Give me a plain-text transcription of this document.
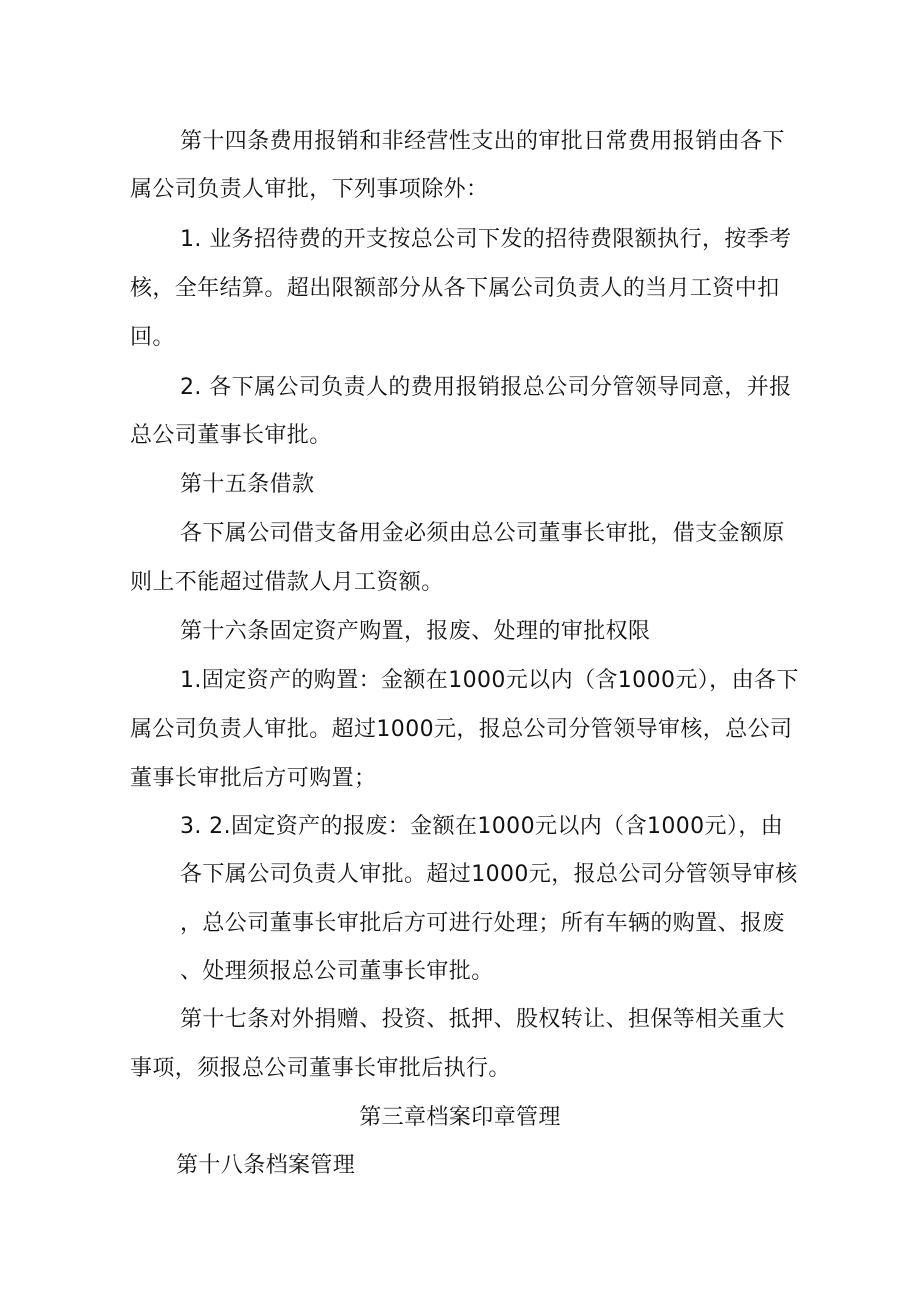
第十四条费用报销和非经营性支出的审批日常费用报销由各下
属公司负责人审批，下列事项除外：
1. 业务招待费的开支按总公司下发的招待费限额执行，按季考
核，全年结算。超出限额部分从各下属公司负责人的当月工资中扣
回。
2. 各下属公司负责人的费用报销报总公司分管领导同意，并报
总公司董事长审批。
第十五条借款
各下属公司借支备用金必须由总公司董事长审批，借支金额原
则上不能超过借款人月工资额。
第十六条固定资产购置，报废、处理的审批权限
1.固定资产的购置：金额在1000元以内（含1000元），由各下
属公司负责人审批。超过1000元，报总公司分管领导审核，总公司
董事长审批后方可购置；
3. 2.固定资产的报废：金额在1000元以内（含1000元），由
各下属公司负责人审批。超过1000元，报总公司分管领导审核
，总公司董事长审批后方可进行处理；所有车辆的购置、报废
、处理须报总公司董事长审批。
第十七条对外捐赠、投资、抵押、股权转让、担保等相关重大
事项，须报总公司董事长审批后执行。
第三章档案印章管理
第十八条档案管理
